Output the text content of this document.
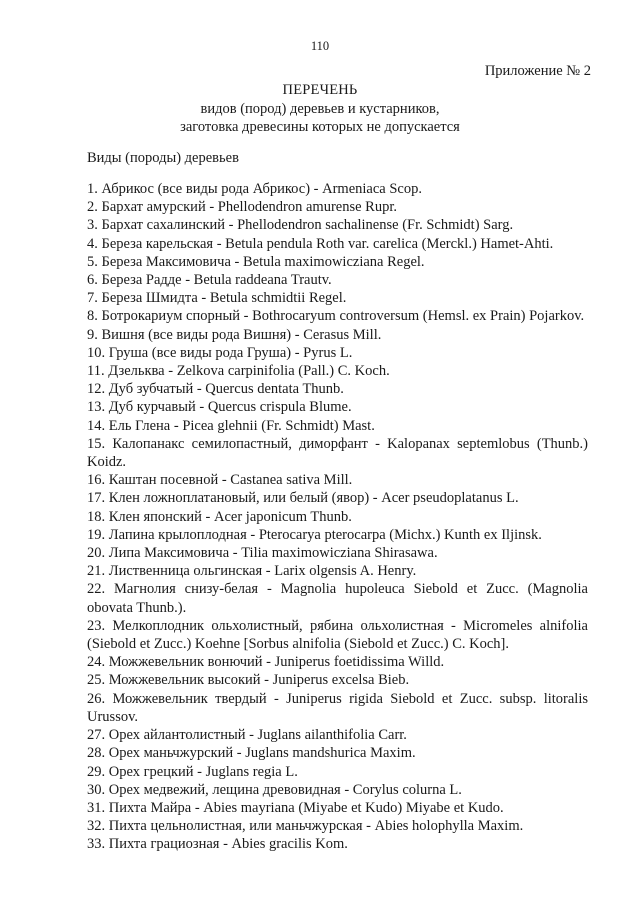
110
Приложение № 2
ПЕРЕЧЕНЬ
видов (пород) деревьев и кустарников,
заготовка древесины которых не допускается
Виды (породы) деревьев
1. Абрикос (все виды рода Абрикос) - Armeniaca Scop.
2. Бархат амурский - Phellodendron amurense Rupr.
3. Бархат сахалинский - Phellodendron sachalinense (Fr. Schmidt) Sarg.
4. Береза карельская - Betula pendula Roth var. carelica (Merckl.) Hamet-Ahti.
5. Береза Максимовича - Betula maximowicziana Regel.
6. Береза Радде - Betula raddeana Trautv.
7. Береза Шмидта - Betula schmidtii Regel.
8. Ботрокариум спорный - Bothrocaryum controversum (Hemsl. ex Prain) Pojarkov.
9. Вишня (все виды рода Вишня) - Cerasus Mill.
10. Груша (все виды рода Груша) - Pyrus L.
11. Дзельква - Zelkova carpinifolia (Pall.) C. Koch.
12. Дуб зубчатый - Quercus dentata Thunb.
13. Дуб курчавый - Quercus crispula Blume.
14. Ель Глена - Picea glehnii (Fr. Schmidt) Mast.
15. Калопанакс семилопастный, диморфант - Kalopanax septemlobus (Thunb.) Koidz.
16. Каштан посевной - Castanea sativa Mill.
17. Клен ложноплатановый, или белый (явор) - Acer pseudoplatanus L.
18. Клен японский - Acer japonicum Thunb.
19. Лапина крылоплодная - Pterocarya pterocarpa (Michx.) Kunth ex Iljinsk.
20. Липа Максимовича - Tilia maximowicziana Shirasawa.
21. Лиственница ольгинская - Larix olgensis A. Henry.
22. Магнолия снизу-белая - Magnolia hupoleuca Siebold et Zucc. (Magnolia obovata Thunb.).
23. Мелкоплодник ольхолистный, рябина ольхолистная - Micromeles alnifolia (Siebold et Zucc.) Koehne [Sorbus alnifolia (Siebold et Zucc.) C. Koch].
24. Можжевельник вонючий - Juniperus foetidissima Willd.
25. Можжевельник высокий - Juniperus excelsa Bieb.
26. Можжевельник твердый - Juniperus rigida Siebold et Zucc. subsp. litoralis Urussov.
27. Орех айлантолистный - Juglans ailanthifolia Carr.
28. Орех маньчжурский - Juglans mandshurica Maxim.
29. Орех грецкий - Juglans regia L.
30. Орех медвежий, лещина древовидная - Corylus colurna L.
31. Пихта Майра - Abies mayriana (Miyabe et Kudo) Miyabe et Kudo.
32. Пихта цельнолистная, или маньчжурская - Abies holophylla Maxim.
33. Пихта грациозная - Abies gracilis Kom.
